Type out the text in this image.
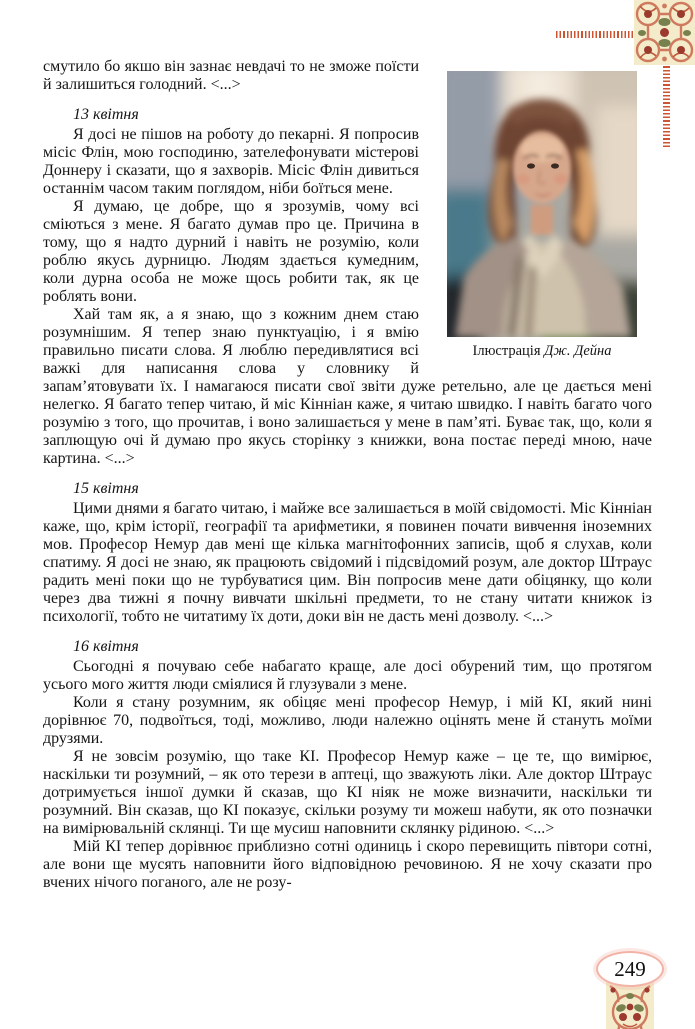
Ілюстрація Дж. Дейна

смутило бо якшо він зазнає невдачі то не зможе поїсти й залишиться голодний. <...>

13 квітня

Я досі не пішов на роботу до пекарні. Я попросив місіс Флін, мою господиню, зателефонувати містерові Доннеру і сказати, що я захворів. Місіс Флін дивиться останнім часом таким поглядом, ніби боїться мене.

Я думаю, це добре, що я зрозумів, чому всі сміються з мене. Я багато думав про це. Причина в тому, що я надто дурний і навіть не розумію, коли роблю якусь дурницю. Людям здається кумедним, коли дурна особа не може щось робити так, як це роблять вони.

Хай там як, а я знаю, що з кожним днем стаю розумнішим. Я тепер знаю пунктуацію, і я вмію правильно писати слова. Я люблю передивлятися всі важкі для написання слова у словнику й запам’ятовувати їх. І намагаюся писати свої звіти дуже ретельно, але це дається мені нелегко. Я багато тепер читаю, й міс Кінніан каже, я читаю швидко. І навіть багато чого розумію з того, що прочитав, і воно залишається у мене в пам’яті. Буває так, що, коли я заплющую очі й думаю про якусь сторінку з книжки, вона постає переді мною, наче картина. <...>

15 квітня

Цими днями я багато читаю, і майже все залишається в моїй свідомості. Міс Кінніан каже, що, крім історії, географії та арифметики, я повинен почати вивчення іноземних мов. Професор Немур дав мені ще кілька магнітофонних записів, щоб я слухав, коли спатиму. Я досі не знаю, як працюють свідомий і підсвідомий розум, але доктор Штраус радить мені поки що не турбуватися цим. Він попросив мене дати обіцянку, що коли через два тижні я почну вивчати шкільні предмети, то не стану читати книжок із психології, тобто не читатиму їх доти, доки він не дасть мені дозволу. <...>

16 квітня

Сьогодні я почуваю себе набагато краще, але досі обурений тим, що протягом усього мого життя люди сміялися й глузували з мене.

Коли я стану розумним, як обіцяє мені професор Немур, і мій КІ, який нині дорівнює 70, подвоїться, тоді, можливо, люди належно оцінять мене й стануть моїми друзями.

Я не зовсім розумію, що таке КІ. Професор Немур каже – це те, що вимірює, наскільки ти розумний, – як ото терези в аптеці, що зважують ліки. Але доктор Штраус дотримується іншої думки й сказав, що КІ ніяк не може визначити, наскільки ти розумний. Він сказав, що КІ показує, скільки розуму ти можеш набути, як ото позначки на вимірювальній склянці. Ти ще мусиш наповнити склянку рідиною. <...>

Мій КІ тепер дорівнює приблизно сотні одиниць і скоро перевищить півтори сотні, але вони ще мусять наповнити його відповідною речовиною. Я не хочу сказати про вчених нічого поганого, але не розу-

249
